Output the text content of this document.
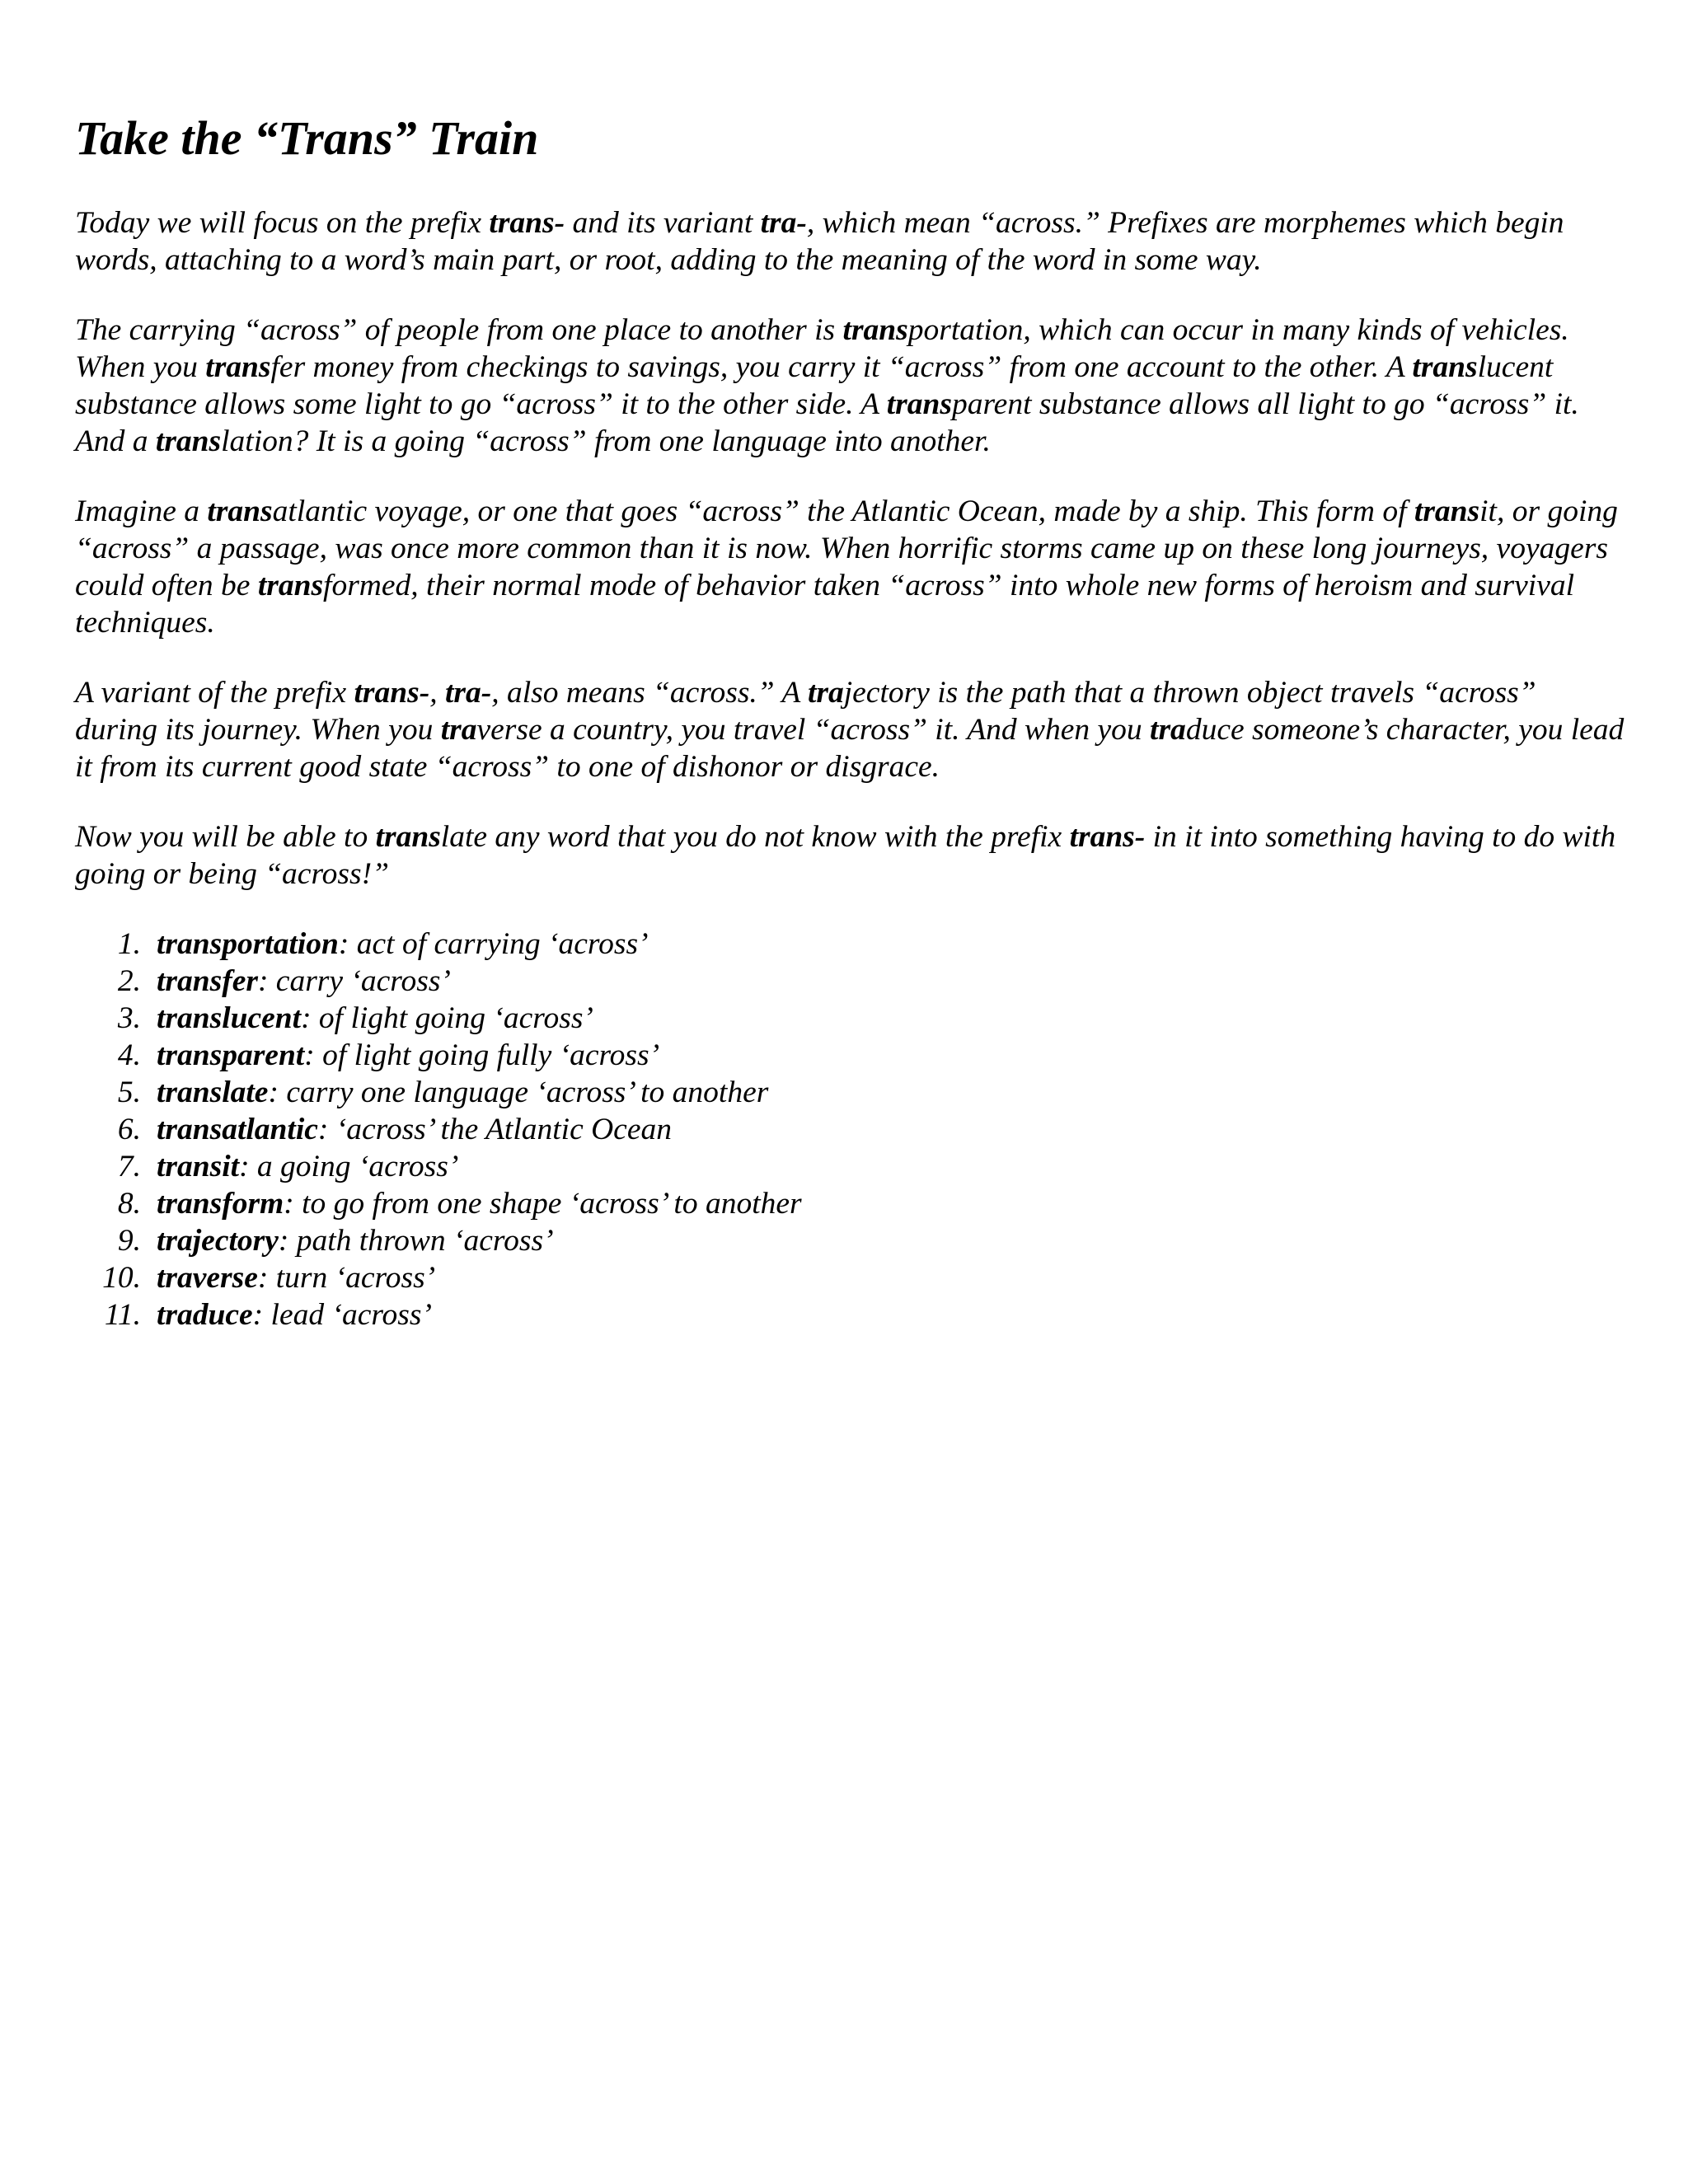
Take the “Trans” Train

Today we will focus on the prefix trans- and its variant tra-, which mean “across.” Prefixes are morphemes which begin words, attaching to a word’s main part, or root, adding to the meaning of the word in some way.

The carrying “across” of people from one place to another is transportation, which can occur in many kinds of vehicles. When you transfer money from checkings to savings, you carry it “across” from one account to the other. A translucent substance allows some light to go “across” it to the other side. A transparent substance allows all light to go “across” it. And a translation? It is a going “across” from one language into another.

Imagine a transatlantic voyage, or one that goes “across” the Atlantic Ocean, made by a ship. This form of transit, or going “across” a passage, was once more common than it is now. When horrific storms came up on these long journeys, voyagers could often be transformed, their normal mode of behavior taken “across” into whole new forms of heroism and survival techniques.

A variant of the prefix trans-, tra-, also means “across.” A trajectory is the path that a thrown object travels “across” during its journey. When you traverse a country, you travel “across” it. And when you traduce someone’s character, you lead it from its current good state “across” to one of dishonor or disgrace.

Now you will be able to translate any word that you do not know with the prefix trans- in it into something having to do with going or being “across!”

1. transportation: act of carrying ‘across’
2. transfer: carry ‘across’
3. translucent: of light going ‘across’
4. transparent: of light going fully ‘across’
5. translate: carry one language ‘across’ to another
6. transatlantic: ‘across’ the Atlantic Ocean
7. transit: a going ‘across’
8. transform: to go from one shape ‘across’ to another
9. trajectory: path thrown ‘across’
10. traverse: turn ‘across’
11. traduce: lead ‘across’
